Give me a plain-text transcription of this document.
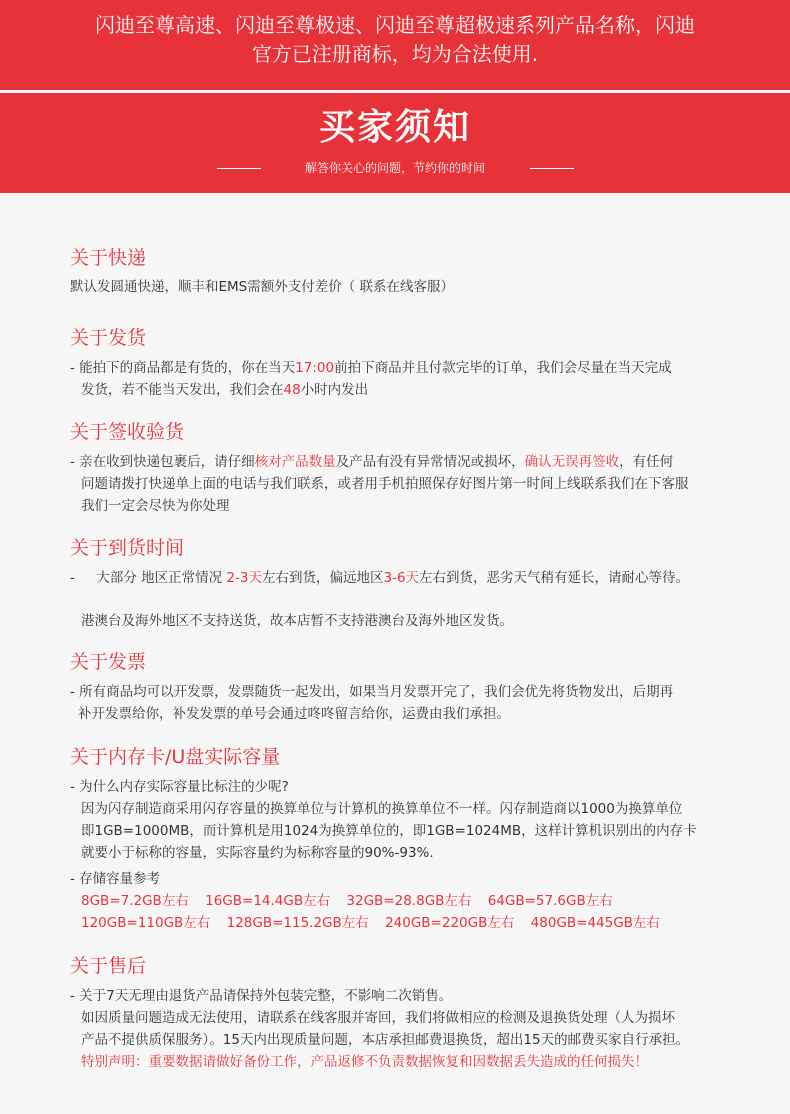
闪迪至尊高速、闪迪至尊极速、闪迪至尊超极速系列产品名称，闪迪

官方已注册商标，均为合法使用.

买家须知
解答你关心的问题，节约你的时间
关于快递

默认发圆通快递，顺丰和EMS需额外支付差价（ 联系在线客服）

关于发货

- 能拍下的商品都是有货的，你在当天17:00前拍下商品并且付款完毕的订单，我们会尽量在当天完成

发货，若不能当天发出，我们会在48小时内发出

关于签收验货

- 亲在收到快递包裹后，请仔细核对产品数量及产品有没有异常情况或损坏，确认无误再签收，有任何

问题请拨打快递单上面的电话与我们联系，或者用手机拍照保存好图片第一时间上线联系我们在下客服

我们一定会尽快为你处理

关于到货时间

-     大部分 地区正常情况 2-3天左右到货，偏远地区3-6天左右到货，恶劣天气稍有延长，请耐心等待。

港澳台及海外地区不支持送货，故本店暂不支持港澳台及海外地区发货。

关于发票

- 所有商品均可以开发票，发票随货一起发出，如果当月发票开完了，我们会优先将货物发出，后期再

补开发票给你，补发发票的单号会通过咚咚留言给你，运费由我们承担。

关于内存卡/U盘实际容量

- 为什么内存实际容量比标注的少呢?

因为闪存制造商采用闪存容量的换算单位与计算机的换算单位不一样。闪存制造商以1000为换算单位

即1GB=1000MB，而计算机是用1024为换算单位的，即1GB=1024MB，这样计算机识别出的内存卡

就要小于标称的容量，实际容量约为标称容量的90%-93%.

- 存储容量参考

8GB=7.2GB左右 16GB=14.4GB左右 32GB=28.8GB左右 64GB=57.6GB左右
120GB=110GB左右 128GB=115.2GB左右 240GB=220GB左右 480GB=445GB左右
关于售后

- 关于7天无理由退货产品请保持外包装完整，不影响二次销售。

如因质量问题造成无法使用，请联系在线客服并寄回，我们将做相应的检测及退换货处理（人为损坏

产品不提供质保服务）。15天内出现质量问题，本店承担邮费退换货，超出15天的邮费买家自行承担。

特别声明：重要数据请做好备份工作，产品返修不负责数据恢复和因数据丢失造成的任何损失！
